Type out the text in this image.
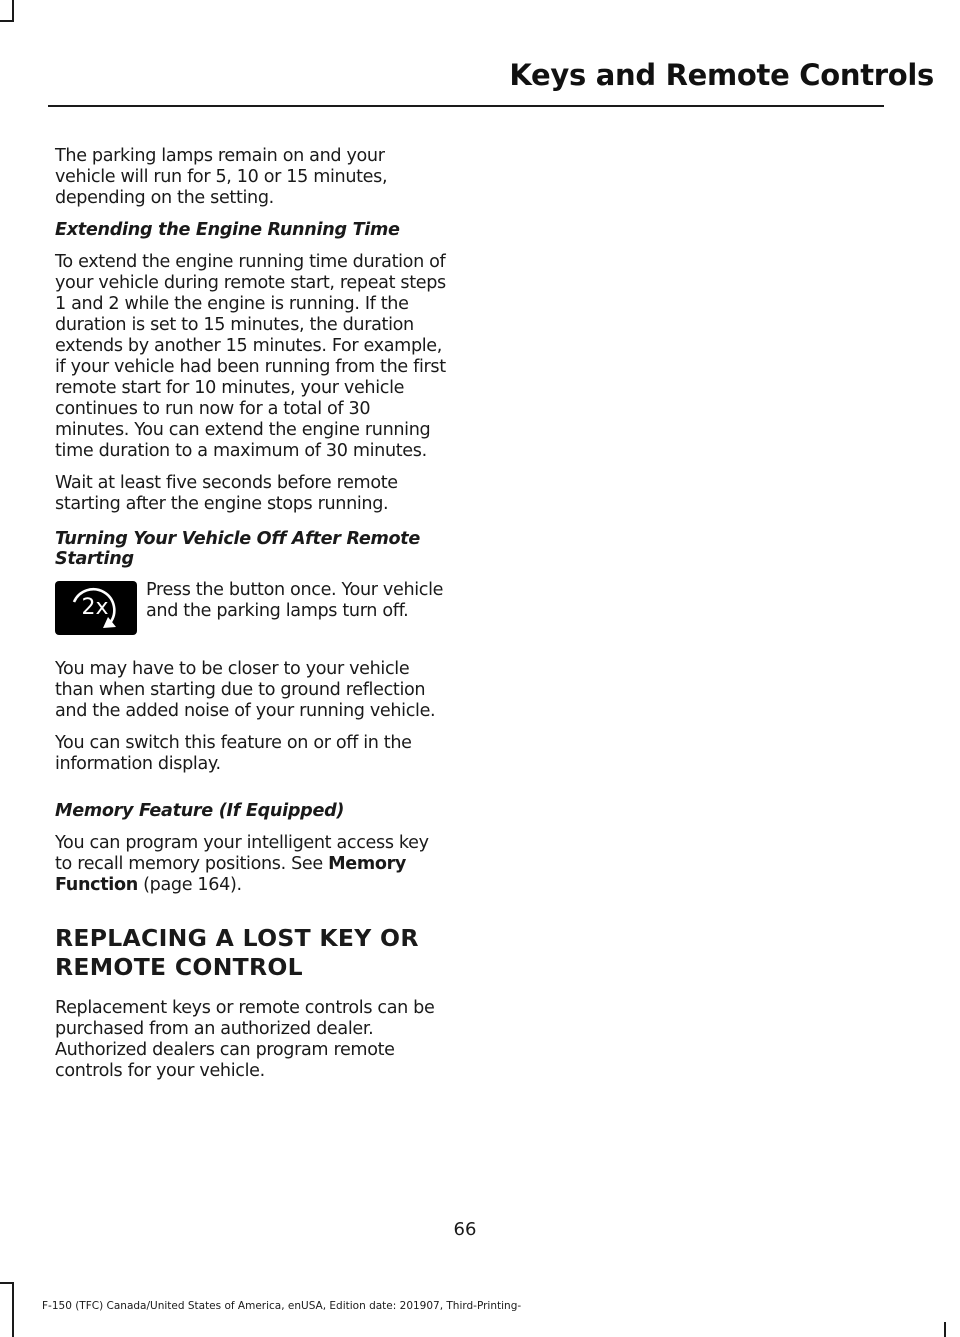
Keys and Remote Controls

The parking lamps remain on and your vehicle will run for 5, 10 or 15 minutes, depending on the setting.

Extending the Engine Running Time

To extend the engine running time duration of your vehicle during remote start, repeat steps 1 and 2 while the engine is running. If the duration is set to 15 minutes, the duration extends by another 15 minutes. For example, if your vehicle had been running from the first remote start for 10 minutes, your vehicle continues to run now for a total of 30 minutes. You can extend the engine running time duration to a maximum of 30 minutes.

Wait at least five seconds before remote starting after the engine stops running.

Turning Your Vehicle Off After Remote Starting

2x

Press the button once. Your vehicle and the parking lamps turn off.

You may have to be closer to your vehicle than when starting due to ground reflection and the added noise of your running vehicle.

You can switch this feature on or off in the information display.

Memory Feature (If Equipped)

You can program your intelligent access key to recall memory positions. See Memory Function (page 164).

REPLACING A LOST KEY OR REMOTE CONTROL

Replacement keys or remote controls can be purchased from an authorized dealer. Authorized dealers can program remote controls for your vehicle.

66
F-150 (TFC) Canada/United States of America, enUSA, Edition date: 201907, Third-Printing-
